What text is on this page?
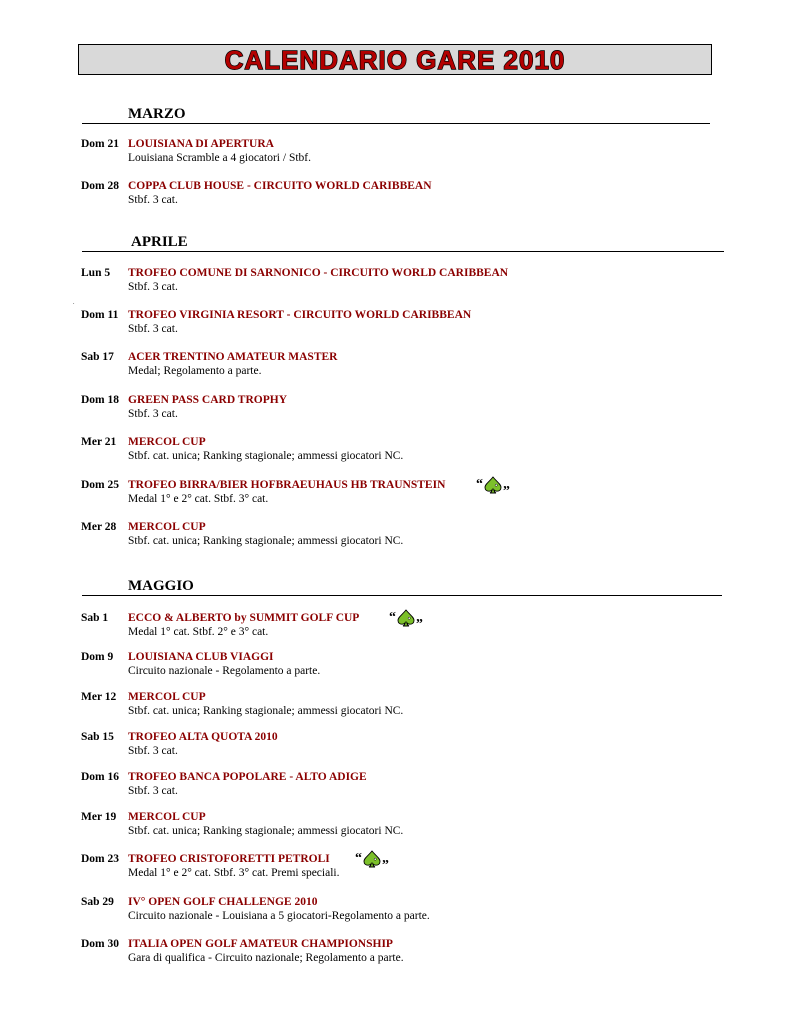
CALENDARIO GARE 2010
.
MARZO
Dom 21 LOUISIANA DI APERTURA
Louisiana Scramble a 4 giocatori / Stbf.
Dom 28 COPPA CLUB HOUSE - CIRCUITO WORLD CARIBBEAN
Stbf. 3 cat.
APRILE
Lun 5 TROFEO COMUNE DI SARNONICO - CIRCUITO WORLD CARIBBEAN
Stbf. 3 cat.
Dom 11 TROFEO VIRGINIA RESORT - CIRCUITO WORLD CARIBBEAN
Stbf. 3 cat.
Sab 17 ACER TRENTINO AMATEUR MASTER
Medal; Regolamento a parte.
Dom 18 GREEN PASS CARD TROPHY
Stbf. 3 cat.
Mer 21 MERCOL CUP
Stbf. cat. unica; Ranking stagionale; ammessi giocatori NC.
Dom 25 TROFEO BIRRA/BIER HOFBRAEUHAUS HB TRAUNSTEIN “ „
Medal 1° e 2° cat. Stbf. 3° cat.
Mer 28 MERCOL CUP
Stbf. cat. unica; Ranking stagionale; ammessi giocatori NC.
MAGGIO
Sab 1 ECCO & ALBERTO by SUMMIT GOLF CUP “ „
Medal 1° cat. Stbf. 2° e 3° cat.
Dom 9 LOUISIANA CLUB VIAGGI
Circuito nazionale - Regolamento a parte.
Mer 12 MERCOL CUP
Stbf. cat. unica; Ranking stagionale; ammessi giocatori NC.
Sab 15 TROFEO ALTA QUOTA 2010
Stbf. 3 cat.
Dom 16 TROFEO BANCA POPOLARE - ALTO ADIGE
Stbf. 3 cat.
Mer 19 MERCOL CUP
Stbf. cat. unica; Ranking stagionale; ammessi giocatori NC.
Dom 23 TROFEO CRISTOFORETTI PETROLI “ „
Medal 1° e 2° cat. Stbf. 3° cat. Premi speciali.
Sab 29 IV° OPEN GOLF CHALLENGE 2010
Circuito nazionale - Louisiana a 5 giocatori-Regolamento a parte.
Dom 30 ITALIA OPEN GOLF AMATEUR CHAMPIONSHIP
Gara di qualifica - Circuito nazionale; Regolamento a parte.
